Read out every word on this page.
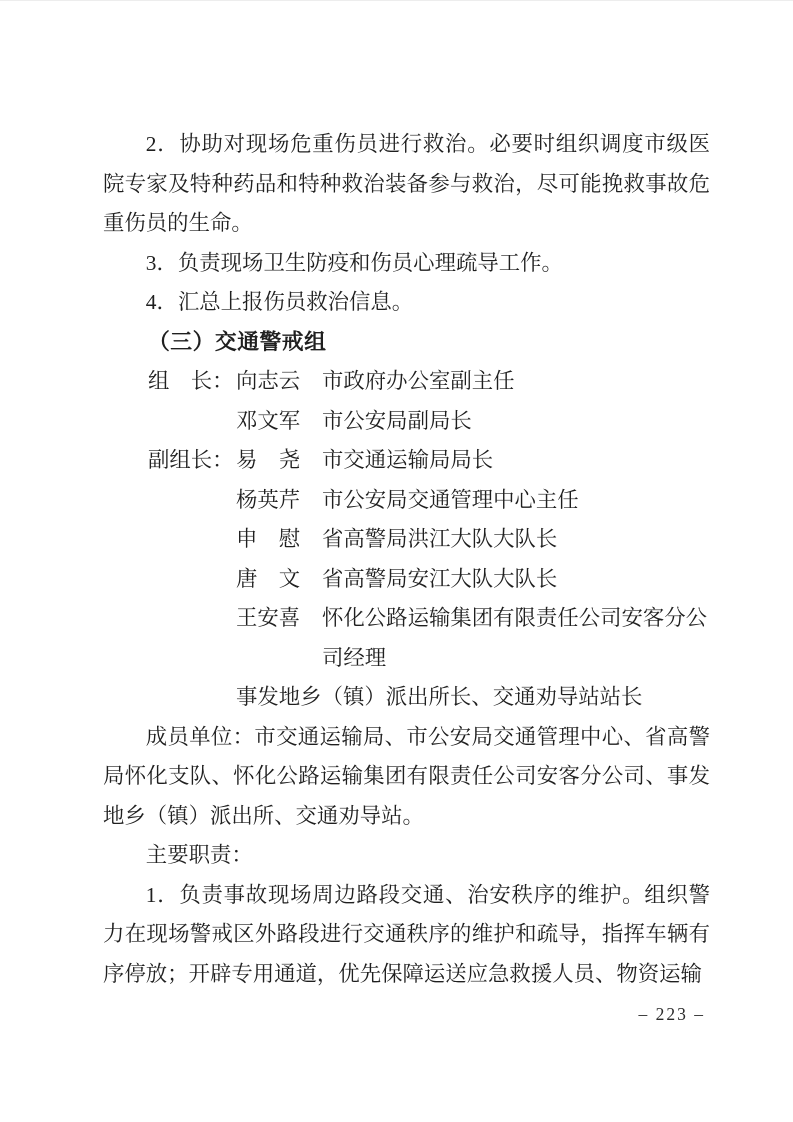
2．协助对现场危重伤员进行救治。必要时组织调度市级医院专家及特种药品和特种救治装备参与救治，尽可能挽救事故危重伤员的生命。

3．负责现场卫生防疫和伤员心理疏导工作。

4．汇总上报伤员救治信息。

（三）交通警戒组
组　长： 向志云 市政府办公室副主任
邓文军 市公安局副局长
副组长： 易　尧 市交通运输局局长
杨英芹 市公安局交通管理中心主任
申　慰 省高警局洪江大队大队长
唐　文 省高警局安江大队大队长
王安喜 怀化公路运输集团有限责任公司安客分公司经理

事发地乡（镇）派出所长、交通劝导站站长

成员单位：市交通运输局、市公安局交通管理中心、省高警局怀化支队、怀化公路运输集团有限责任公司安客分公司、事发地乡（镇）派出所、交通劝导站。

主要职责：

1．负责事故现场周边路段交通、治安秩序的维护。组织警力在现场警戒区外路段进行交通秩序的维护和疏导，指挥车辆有序停放；开辟专用通道，优先保障运送应急救援人员、物资运输

– 223 –
